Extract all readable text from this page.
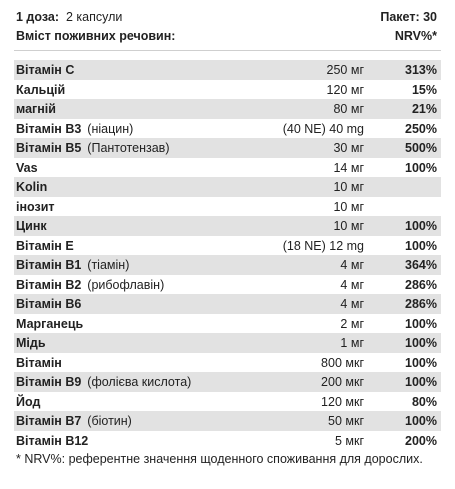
1 доза: 2 капсули	Пакет: 30
Вміст поживних речовин:	NRV%*
Вітамін C	250 мг	313%
Кальцій	120 мг	15%
магній	80 мг	21%
Вітамін B3 (ніацин)	(40 NE) 40 mg	250%
Вітамін B5 (Пантотензав)	30 мг	500%
Vas	14 мг	100%
Kolin	10 мг
інозит	10 мг
Цинк	10 мг	100%
Вітамін E	(18 NE) 12 mg	100%
Вітамін B1 (тіамін)	4 мг	364%
Вітамін B2 (рибофлавін)	4 мг	286%
Вітамін B6	4 мг	286%
Марганець	2 мг	100%
Мідь	1 мг	100%
Вітамін	800 мкг	100%
Вітамін B9 (фолієва кислота)	200 мкг	100%
Йод	120 мкг	80%
Вітамін B7 (біотин)	50 мкг	100%
Вітамін B12	5 мкг	200%
* NRV%: референтне значення щоденного споживання для дорослих.
